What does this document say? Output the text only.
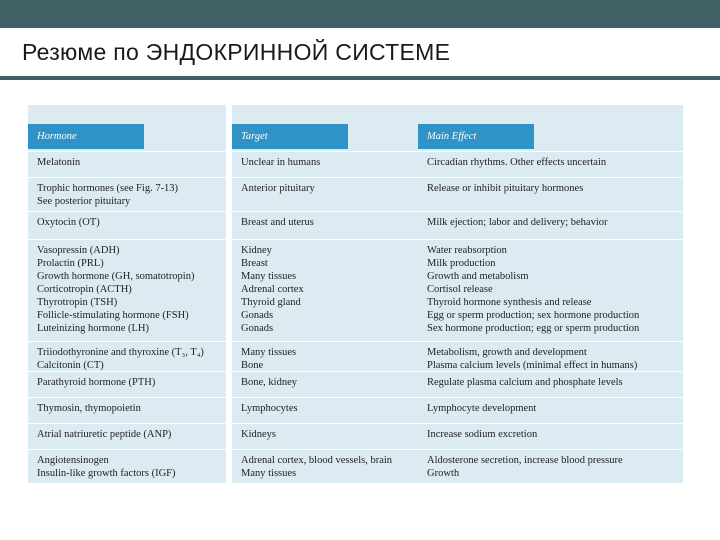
Резюме по ЭНДОКРИННОЙ СИСТЕМЕ
Hormone
Melatonin
Trophic hormones (see Fig. 7-13)
See posterior pituitary
Oxytocin (OT)
Vasopressin (ADH)
Prolactin (PRL)
Growth hormone (GH, somatotropin)
Corticotropin (ACTH)
Thyrotropin (TSH)
Follicle-stimulating hormone (FSH)
Luteinizing hormone (LH)
Triiodothyronine and thyroxine (T₃, T₄)
Calcitonin (CT)
Parathyroid hormone (PTH)
Thymosin, thymopoietin
Atrial natriuretic peptide (ANP)
Angiotensinogen
Insulin-like growth factors (IGF)
Target
Unclear in humans
Anterior pituitary
Breast and uterus
Kidney
Breast
Many tissues
Adrenal cortex
Thyroid gland
Gonads
Gonads
Many tissues
Bone
Bone, kidney
Lymphocytes
Kidneys
Adrenal cortex, blood vessels, brain
Many tissues
Main Effect
Circadian rhythms. Other effects uncertain
Release or inhibit pituitary hormones
Milk ejection; labor and delivery; behavior
Water reabsorption
Milk production
Growth and metabolism
Cortisol release
Thyroid hormone synthesis and release
Egg or sperm production; sex hormone production
Sex hormone production; egg or sperm production
Metabolism, growth and development
Plasma calcium levels (minimal effect in humans)
Regulate plasma calcium and phosphate levels
Lymphocyte development
Increase sodium excretion
Aldosterone secretion, increase blood pressure
Growth
